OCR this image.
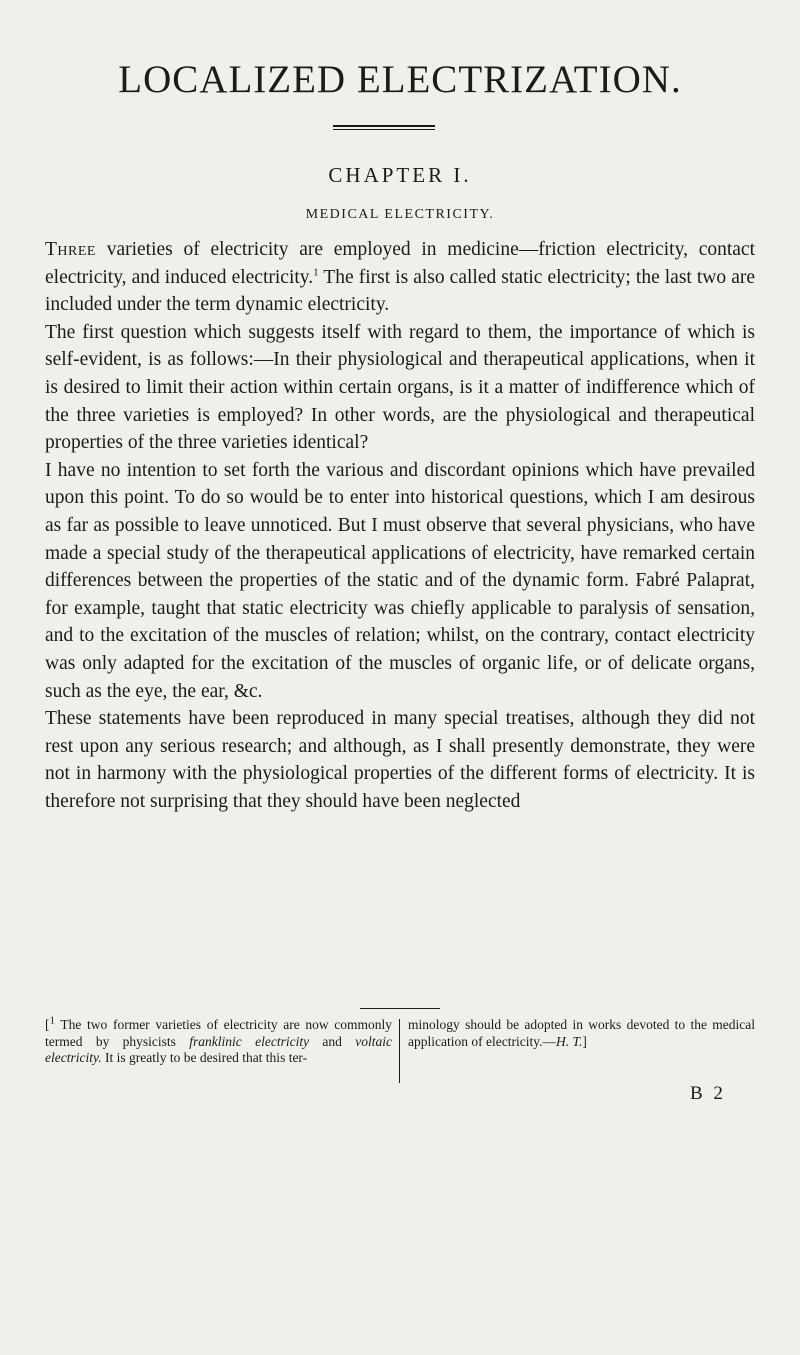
LOCALIZED ELECTRIZATION.
CHAPTER I.
MEDICAL ELECTRICITY.

Three varieties of electricity are employed in medicine—friction electricity, contact electricity, and induced electricity.$^1$ The first is also called static electricity; the last two are included under the term dynamic electricity.

The first question which suggests itself with regard to them, the importance of which is self-evident, is as follows:—In their physiological and therapeutical applications, when it is desired to limit their action within certain organs, is it a matter of indifference which of the three varieties is employed? In other words, are the physiological and therapeutical properties of the three varieties identical?

I have no intention to set forth the various and discordant opinions which have prevailed upon this point. To do so would be to enter into historical questions, which I am desirous as far as possible to leave unnoticed. But I must observe that several physicians, who have made a special study of the therapeutical applications of electricity, have remarked certain differences between the properties of the static and of the dynamic form. Fabré Palaprat, for example, taught that static electricity was chiefly applicable to paralysis of sensation, and to the excitation of the muscles of relation; whilst, on the contrary, contact electricity was only adapted for the excitation of the muscles of organic life, or of delicate organs, such as the eye, the ear, &c.

These statements have been reproduced in many special treatises, although they did not rest upon any serious research; and although, as I shall presently demonstrate, they were not in harmony with the physiological properties of the different forms of electricity. It is therefore not surprising that they should have been neglected

[$^1$ The two former varieties of electricity are now commonly termed by physicists franklinic electricity and voltaic electricity. It is greatly to be desired that this ter-
minology should be adopted in works devoted to the medical application of electricity.—H. T.]
B 2
